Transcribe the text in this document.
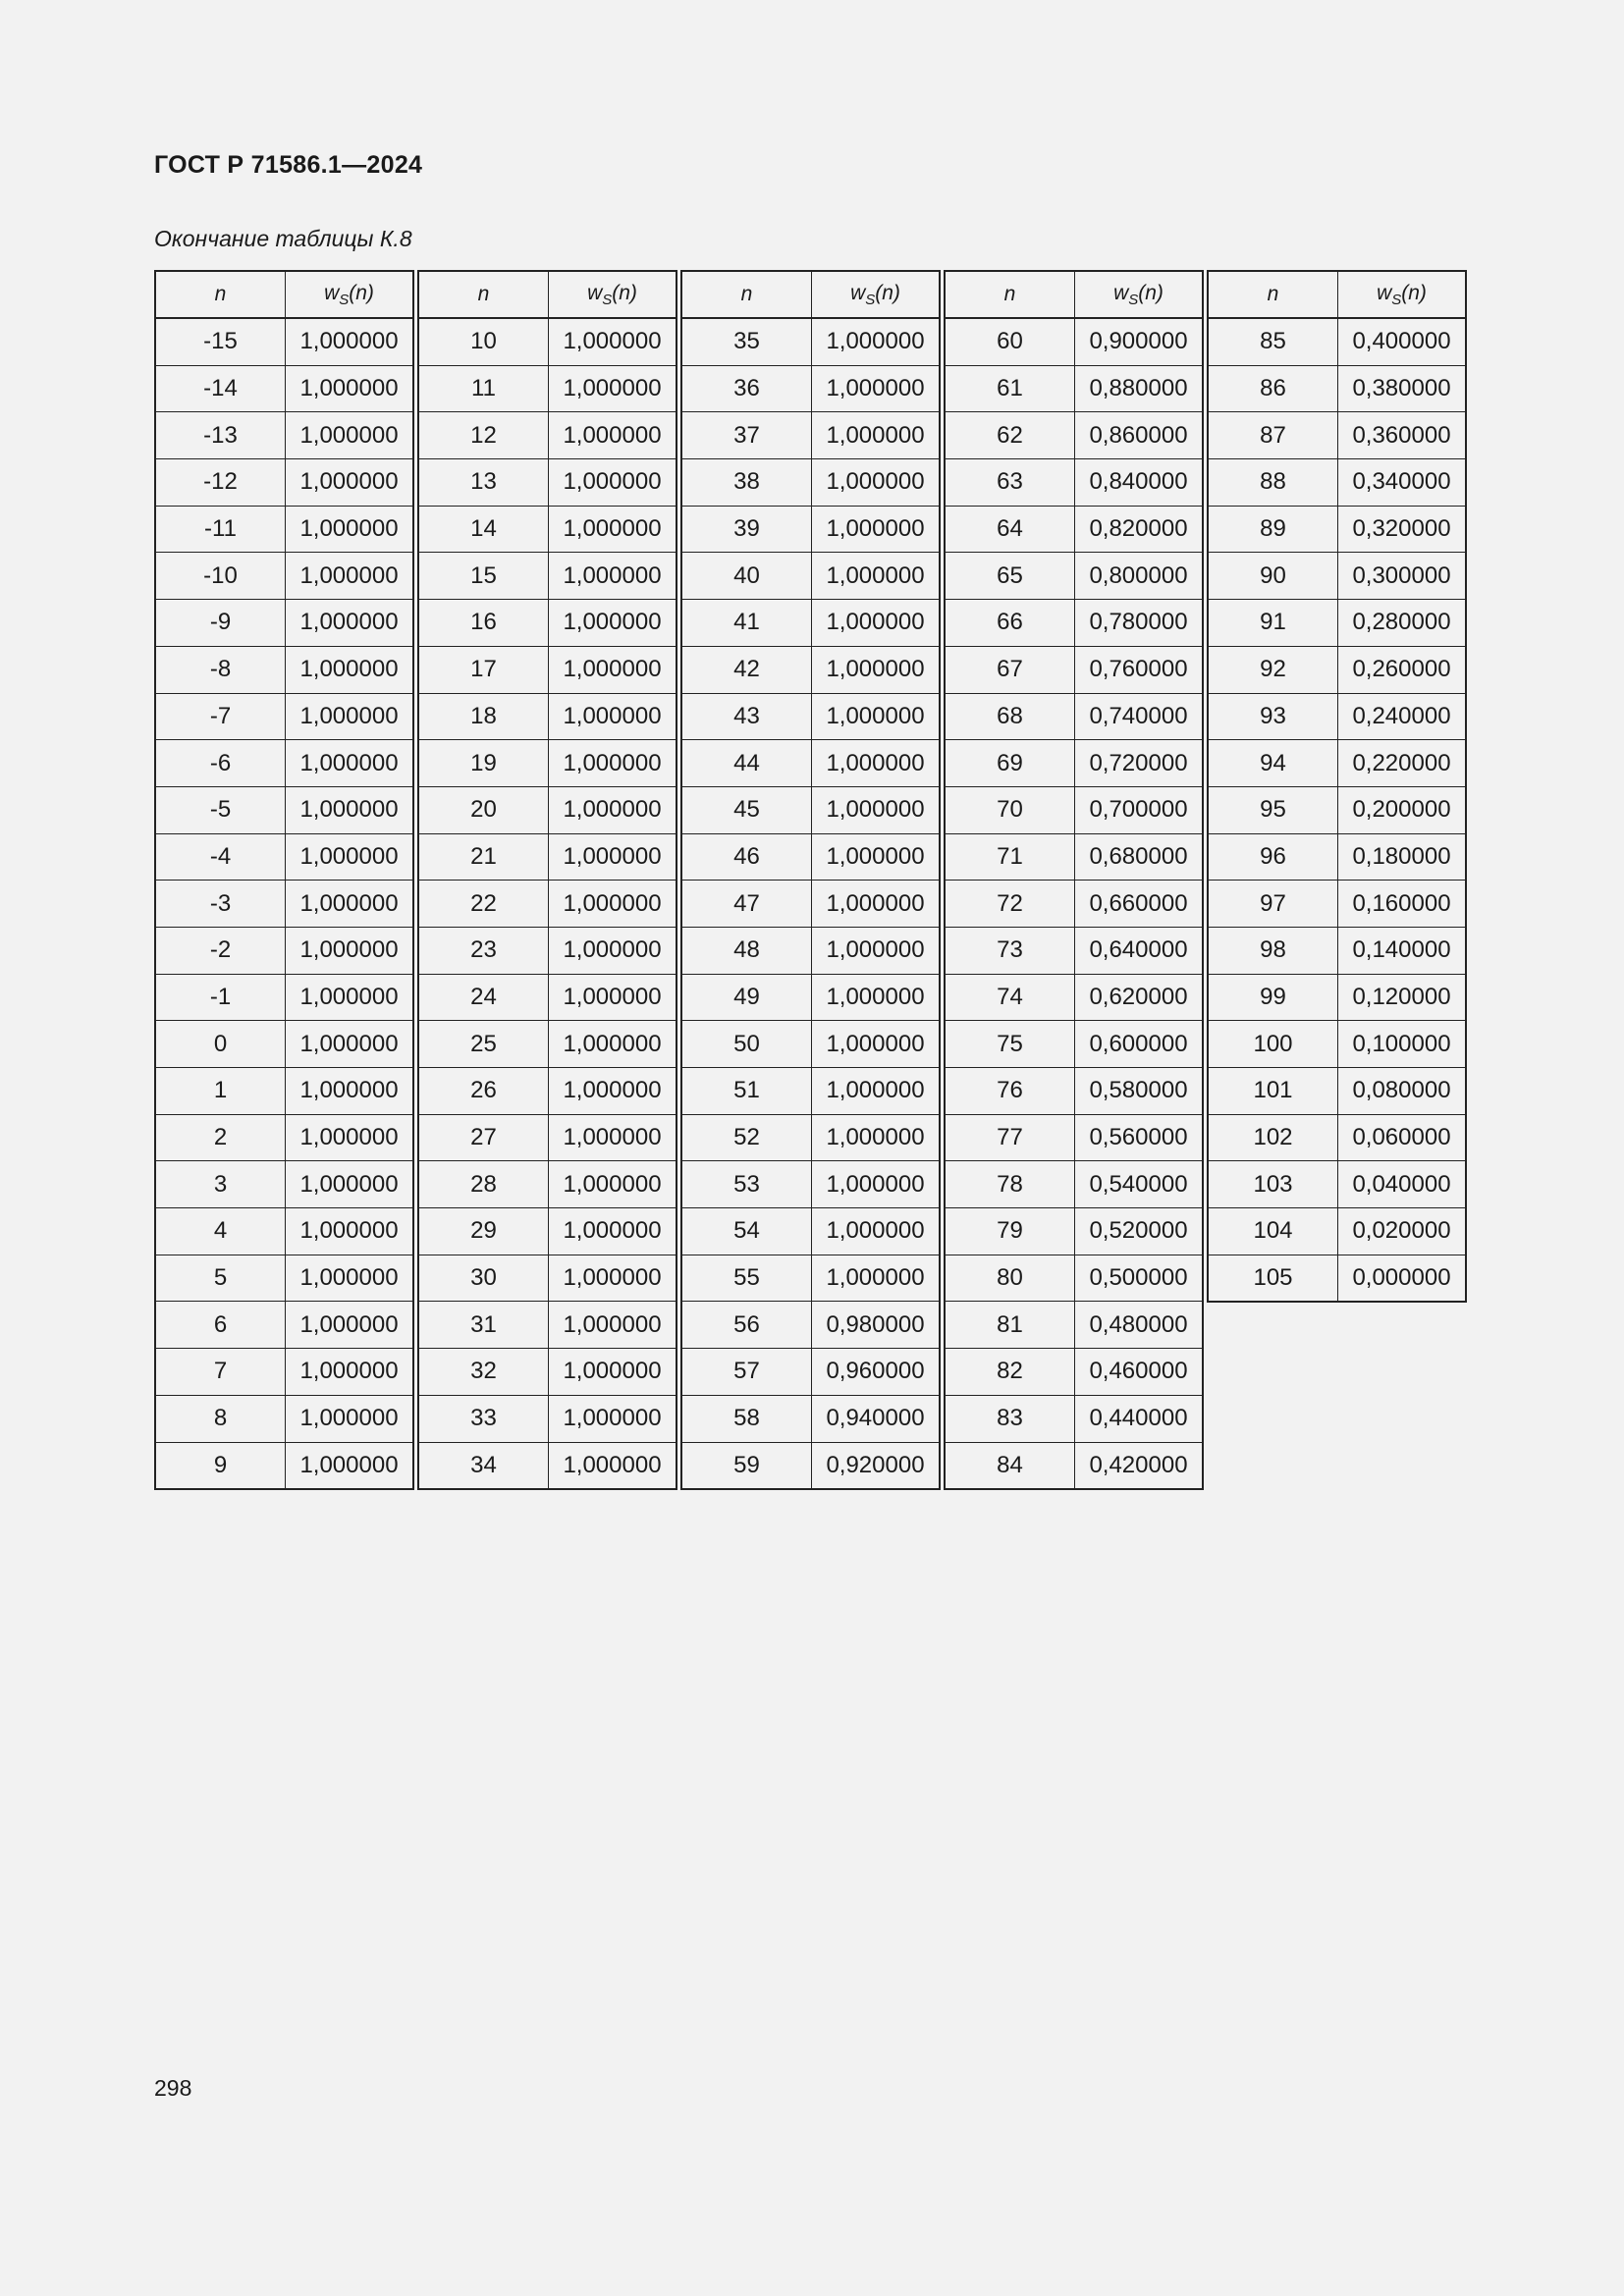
ГОСТ Р 71586.1—2024
Окончание таблицы К.8
n	$w_S(n)$
-15	1,000000
-14	1,000000
-13	1,000000
-12	1,000000
-11	1,000000
-10	1,000000
-9	1,000000
-8	1,000000
-7	1,000000
-6	1,000000
-5	1,000000
-4	1,000000
-3	1,000000
-2	1,000000
-1	1,000000
0	1,000000
1	1,000000
2	1,000000
3	1,000000
4	1,000000
5	1,000000
6	1,000000
7	1,000000
8	1,000000
9	1,000000
n	$w_S(n)$
10	1,000000
11	1,000000
12	1,000000
13	1,000000
14	1,000000
15	1,000000
16	1,000000
17	1,000000
18	1,000000
19	1,000000
20	1,000000
21	1,000000
22	1,000000
23	1,000000
24	1,000000
25	1,000000
26	1,000000
27	1,000000
28	1,000000
29	1,000000
30	1,000000
31	1,000000
32	1,000000
33	1,000000
34	1,000000
n	$w_S(n)$
35	1,000000
36	1,000000
37	1,000000
38	1,000000
39	1,000000
40	1,000000
41	1,000000
42	1,000000
43	1,000000
44	1,000000
45	1,000000
46	1,000000
47	1,000000
48	1,000000
49	1,000000
50	1,000000
51	1,000000
52	1,000000
53	1,000000
54	1,000000
55	1,000000
56	0,980000
57	0,960000
58	0,940000
59	0,920000
n	$w_S(n)$
60	0,900000
61	0,880000
62	0,860000
63	0,840000
64	0,820000
65	0,800000
66	0,780000
67	0,760000
68	0,740000
69	0,720000
70	0,700000
71	0,680000
72	0,660000
73	0,640000
74	0,620000
75	0,600000
76	0,580000
77	0,560000
78	0,540000
79	0,520000
80	0,500000
81	0,480000
82	0,460000
83	0,440000
84	0,420000
n	$w_S(n)$
85	0,400000
86	0,380000
87	0,360000
88	0,340000
89	0,320000
90	0,300000
91	0,280000
92	0,260000
93	0,240000
94	0,220000
95	0,200000
96	0,180000
97	0,160000
98	0,140000
99	0,120000
100	0,100000
101	0,080000
102	0,060000
103	0,040000
104	0,020000
105	0,000000
298
